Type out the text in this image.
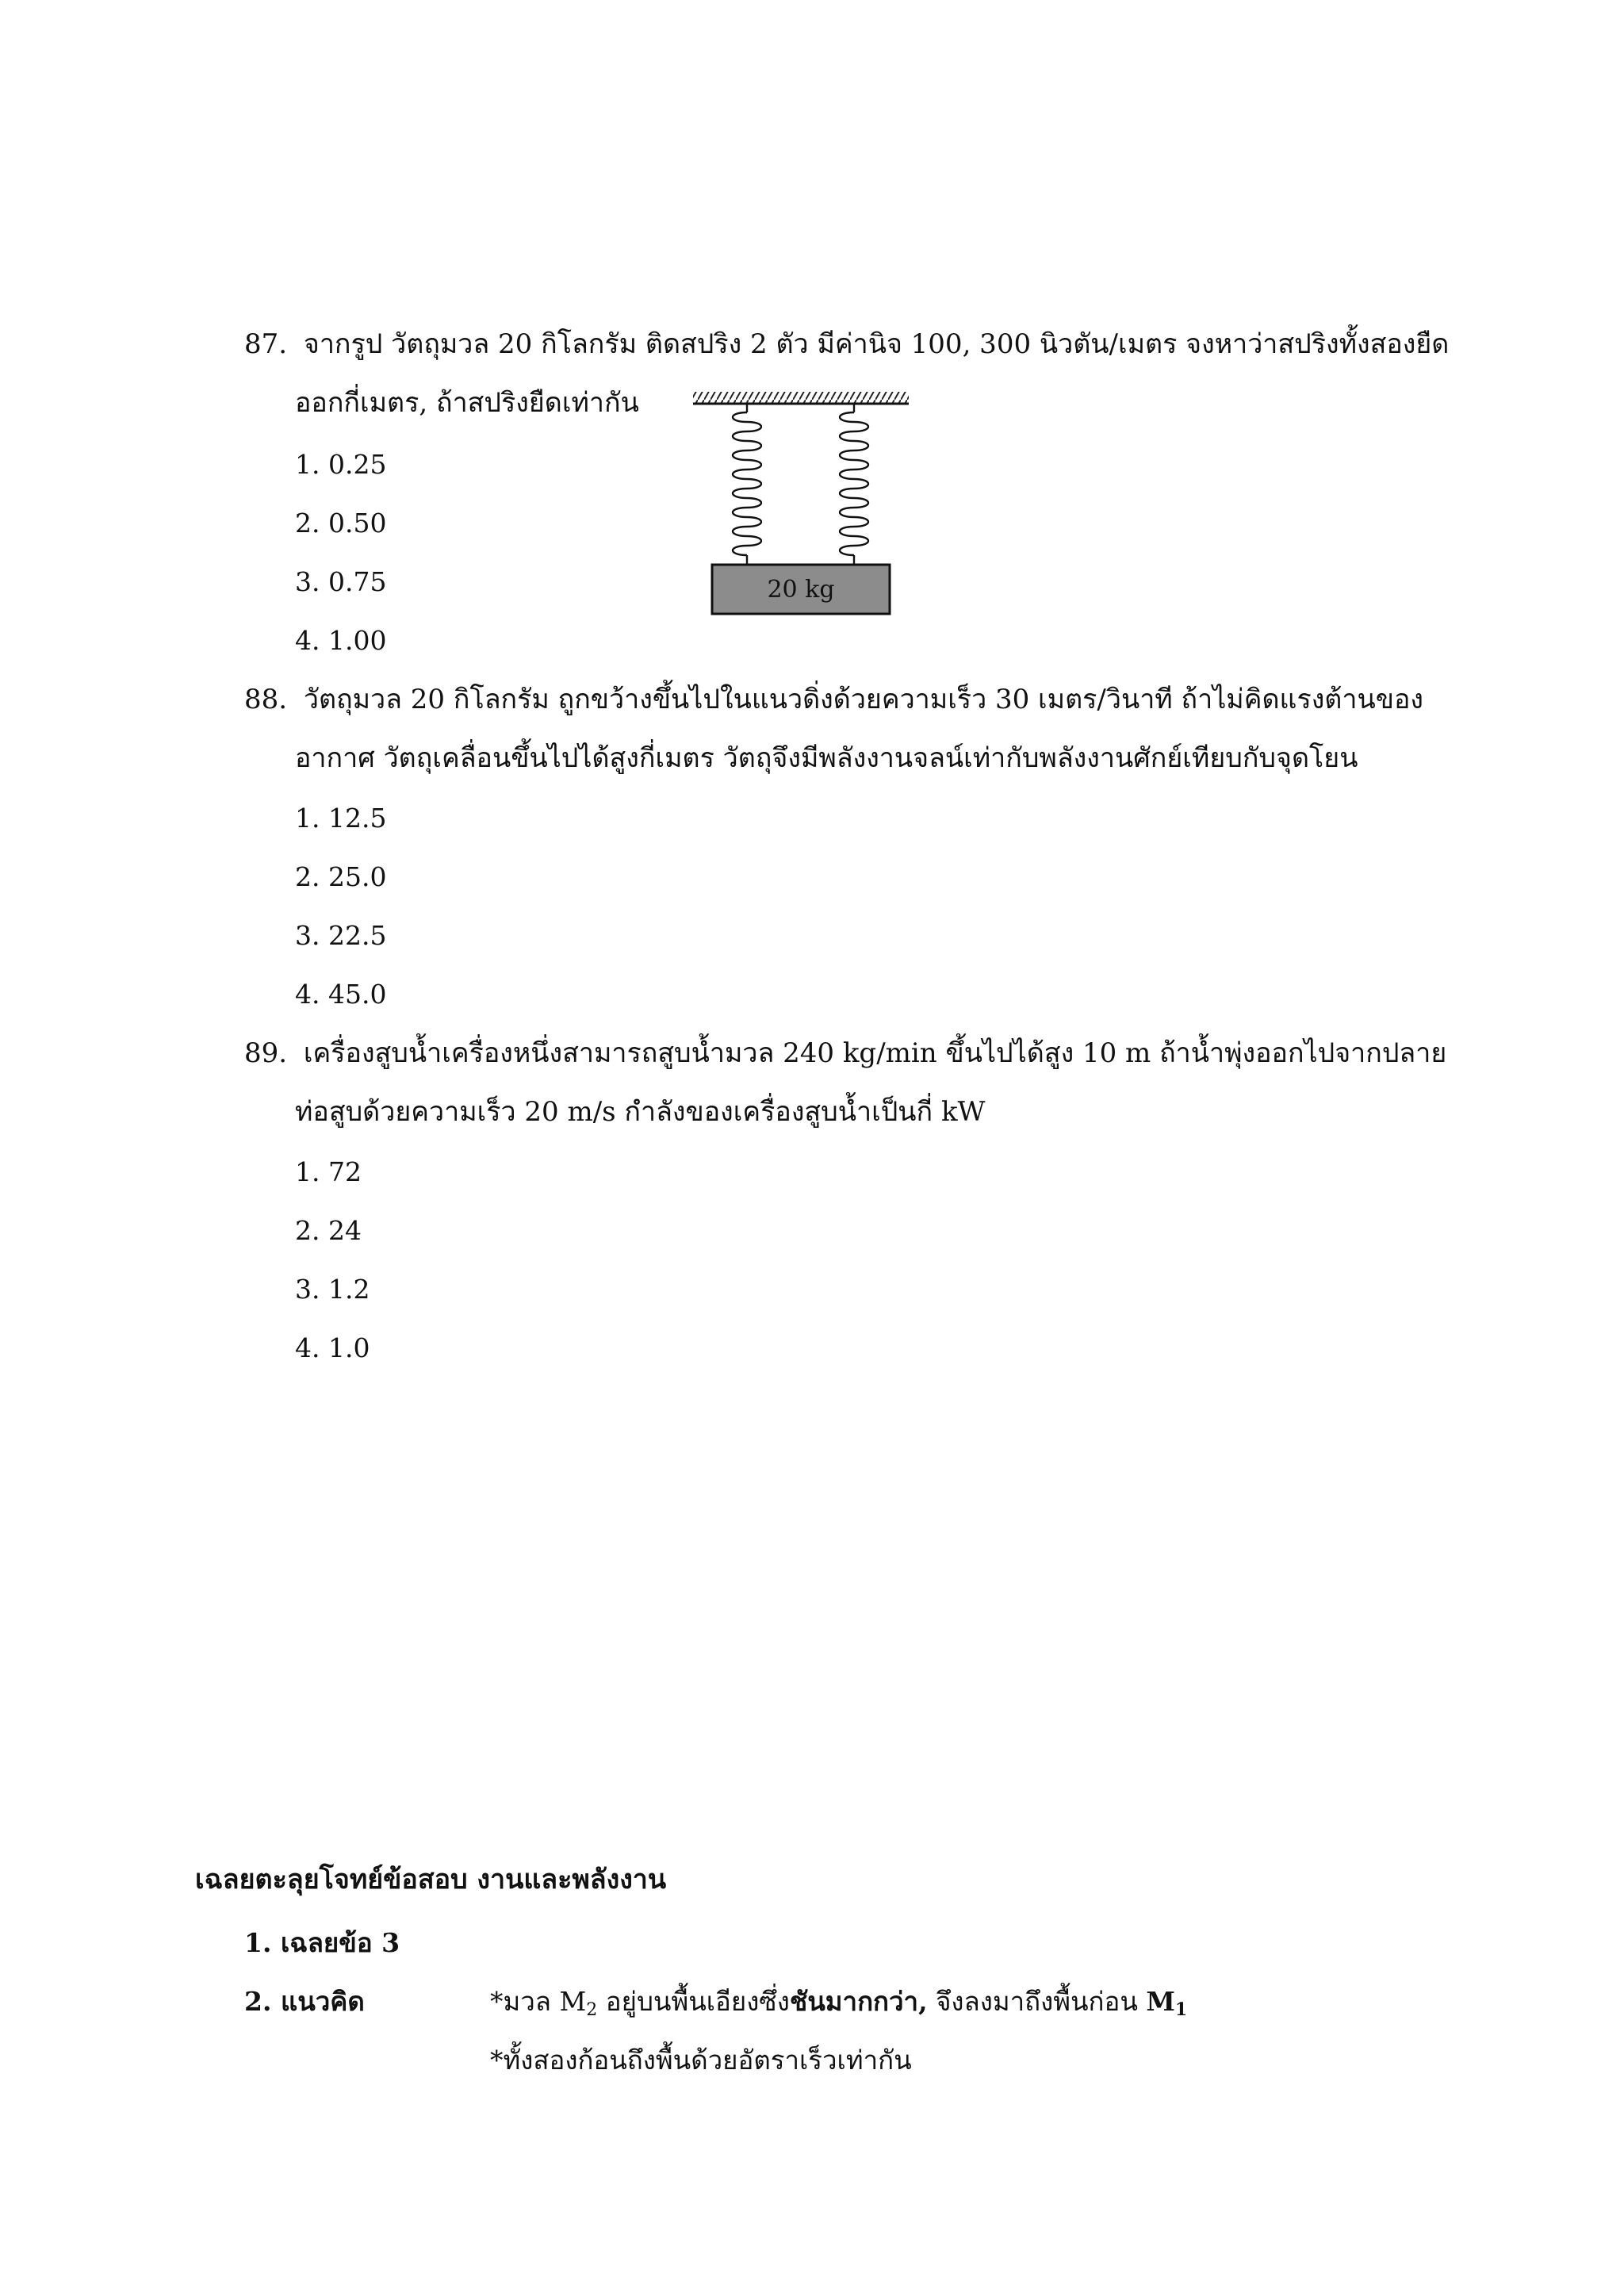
87. จากรูป วัตถุมวล 20 กิโลกรัม ติดสปริง 2 ตัว มีค่านิจ 100, 300 นิวตัน/เมตร จงหาว่าสปริงทั้งสองยืด
ออกกี่เมตร, ถ้าสปริงยืดเท่ากัน
1. 0.25
2. 0.50
3. 0.75
4. 1.00
20 kg
88. วัตถุมวล 20 กิโลกรัม ถูกขว้างขึ้นไปในแนวดิ่งด้วยความเร็ว 30 เมตร/วินาที ถ้าไม่คิดแรงต้านของ
อากาศ วัตถุเคลื่อนขึ้นไปได้สูงกี่เมตร วัตถุจึงมีพลังงานจลน์เท่ากับพลังงานศักย์เทียบกับจุดโยน
1. 12.5
2. 25.0
3. 22.5
4. 45.0
89. เครื่องสูบน้ำเครื่องหนึ่งสามารถสูบน้ำมวล 240 kg/min ขึ้นไปได้สูง 10 m ถ้าน้ำพุ่งออกไปจากปลาย
ท่อสูบด้วยความเร็ว 20 m/s กำลังของเครื่องสูบน้ำเป็นกี่ kW
1. 72
2. 24
3. 1.2
4. 1.0
เฉลยตะลุยโจทย์ข้อสอบ งานและพลังงาน
1. เฉลยข้อ 3
2. แนวคิด	*มวล $M_2$ อยู่บนพื้นเอียงซึ่งชันมากกว่า, จึงลงมาถึงพื้นก่อน $M_1$
*ทั้งสองก้อนถึงพื้นด้วยอัตราเร็วเท่ากัน
